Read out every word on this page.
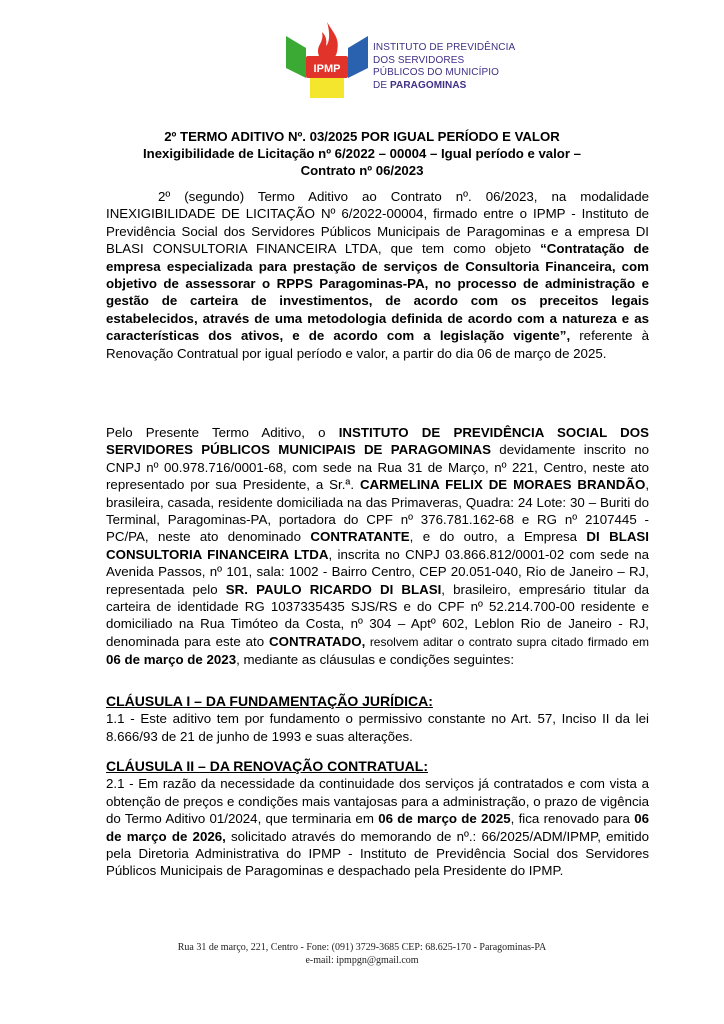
IPMP
INSTITUTO DE PREVIDÊNCIA
DOS SERVIDORES
PÚBLICOS DO MUNICÍPIO
DE PARAGOMINAS
2º TERMO ADITIVO Nº. 03/2025 POR IGUAL PERÍODO E VALOR
Inexigibilidade de Licitação nº 6/2022 – 00004 – Igual período e valor –
Contrato nº 06/2023
2º (segundo) Termo Aditivo ao Contrato nº. 06/2023, na modalidade INEXIGIBILIDADE DE LICITAÇÃO Nº 6/2022-00004, firmado entre o IPMP - Instituto de Previdência Social dos Servidores Públicos Municipais de Paragominas e a empresa DI BLASI CONSULTORIA FINANCEIRA LTDA, que tem como objeto “Contratação de empresa especializada para prestação de serviços de Consultoria Financeira, com objetivo de assessorar o RPPS Paragominas-PA, no processo de administração e gestão de carteira de investimentos, de acordo com os preceitos legais estabelecidos, através de uma metodologia definida de acordo com a natureza e as características dos ativos, e de acordo com a legislação vigente”, referente à Renovação Contratual por igual período e valor, a partir do dia 06 de março de 2025.
Pelo Presente Termo Aditivo, o INSTITUTO DE PREVIDÊNCIA SOCIAL DOS SERVIDORES PÚBLICOS MUNICIPAIS DE PARAGOMINAS devidamente inscrito no CNPJ nº 00.978.716/0001-68, com sede na Rua 31 de Março, nº 221, Centro, neste ato representado por sua Presidente, a Sr.ª. CARMELINA FELIX DE MORAES BRANDÃO, brasileira, casada, residente domiciliada na das Primaveras, Quadra: 24 Lote: 30 – Buriti do Terminal, Paragominas-PA, portadora do CPF nº 376.781.162-68 e RG nº 2107445 - PC/PA, neste ato denominado CONTRATANTE, e do outro, a Empresa DI BLASI CONSULTORIA FINANCEIRA LTDA, inscrita no CNPJ 03.866.812/0001-02 com sede na Avenida Passos, nº 101, sala: 1002 - Bairro Centro, CEP 20.051-040, Rio de Janeiro – RJ, representada pelo SR. PAULO RICARDO DI BLASI, brasileiro, empresário titular da carteira de identidade RG 1037335435 SJS/RS e do CPF nº 52.214.700-00 residente e domiciliado na Rua Timóteo da Costa, nº 304 – Aptº 602, Leblon Rio de Janeiro - RJ, denominada para este ato CONTRATADO, resolvem aditar o contrato supra citado firmado em 06 de março de 2023, mediante as cláusulas e condições seguintes:

CLÁUSULA I – DA FUNDAMENTAÇÃO JURÍDICA:

1.1 - Este aditivo tem por fundamento o permissivo constante no Art. 57, Inciso II da lei 8.666/93 de 21 de junho de 1993 e suas alterações.

CLÁUSULA II – DA RENOVAÇÃO CONTRATUAL:

2.1 - Em razão da necessidade da continuidade dos serviços já contratados e com vista a obtenção de preços e condições mais vantajosas para a administração, o prazo de vigência do Termo Aditivo 01/2024, que terminaria em 06 de março de 2025, fica renovado para 06 de março de 2026, solicitado através do memorando de nº.: 66/2025/ADM/IPMP, emitido pela Diretoria Administrativa do IPMP - Instituto de Previdência Social dos Servidores Públicos Municipais de Paragominas e despachado pela Presidente do IPMP.

Rua 31 de março, 221, Centro - Fone: (091) 3729-3685 CEP: 68.625-170 - Paragominas-PA
e-mail: ipmpgn@gmail.com
